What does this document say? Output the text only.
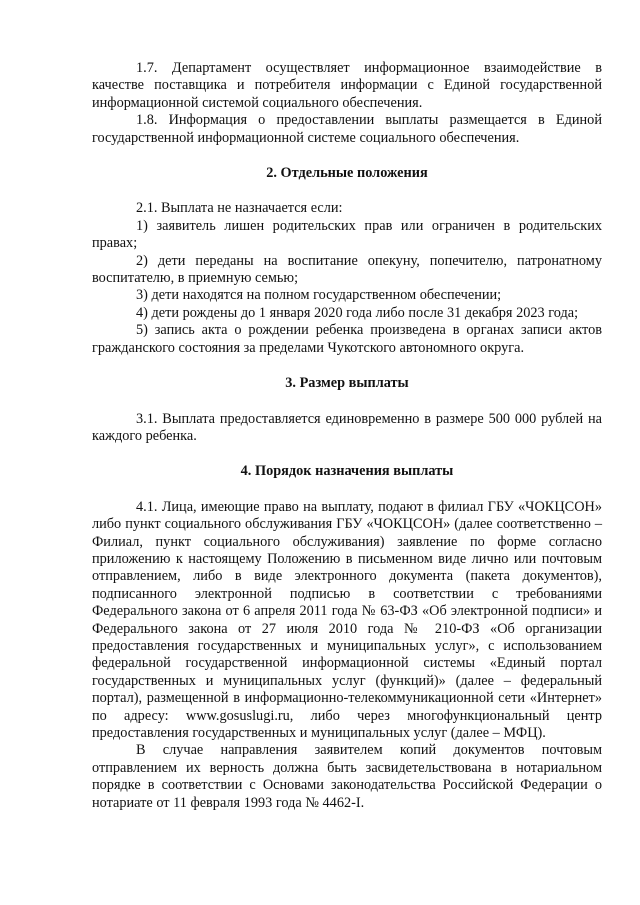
1.7. Департамент осуществляет информационное взаимодействие в качестве поставщика и потребителя информации с Единой государственной информационной системой социального обеспечения.

1.8. Информация о предоставлении выплаты размещается в Единой государственной информационной системе социального обеспечения.

2. Отдельные положения

2.1. Выплата не назначается если:

1) заявитель лишен родительских прав или ограничен в родительских правах;

2) дети переданы на воспитание опекуну, попечителю, патронатному воспитателю, в приемную семью;

3) дети находятся на полном государственном обеспечении;

4) дети рождены до 1 января 2020 года либо после 31 декабря 2023 года;

5) запись акта о рождении ребенка произведена в органах записи актов гражданского состояния за пределами Чукотского автономного округа.

3. Размер выплаты

3.1. Выплата предоставляется единовременно в размере 500 000 рублей на каждого ребенка.

4. Порядок назначения выплаты

4.1. Лица, имеющие право на выплату, подают в филиал ГБУ «ЧОКЦСОН» либо пункт социального обслуживания ГБУ «ЧОКЦСОН» (далее соответственно – Филиал, пункт социального обслуживания) заявление по форме согласно приложению к настоящему Положению в письменном виде лично или почтовым отправлением, либо в виде электронного документа (пакета документов), подписанного электронной подписью в соответствии с требованиями Федерального закона от 6 апреля 2011 года № 63-ФЗ «Об электронной подписи» и Федерального закона от 27 июля 2010 года № 210-ФЗ «Об организации предоставления государственных и муниципальных услуг», с использованием федеральной государственной информационной системы «Единый портал государственных и муниципальных услуг (функций)» (далее – федеральный портал), размещенной в информационно-телекоммуникационной сети «Интернет» по адресу: www.gosuslugi.ru, либо через многофункциональный центр предоставления государственных и муниципальных услуг (далее – МФЦ).

В случае направления заявителем копий документов почтовым отправлением их верность должна быть засвидетельствована в нотариальном порядке в соответствии с Основами законодательства Российской Федерации о нотариате от 11 февраля 1993 года № 4462-I.
